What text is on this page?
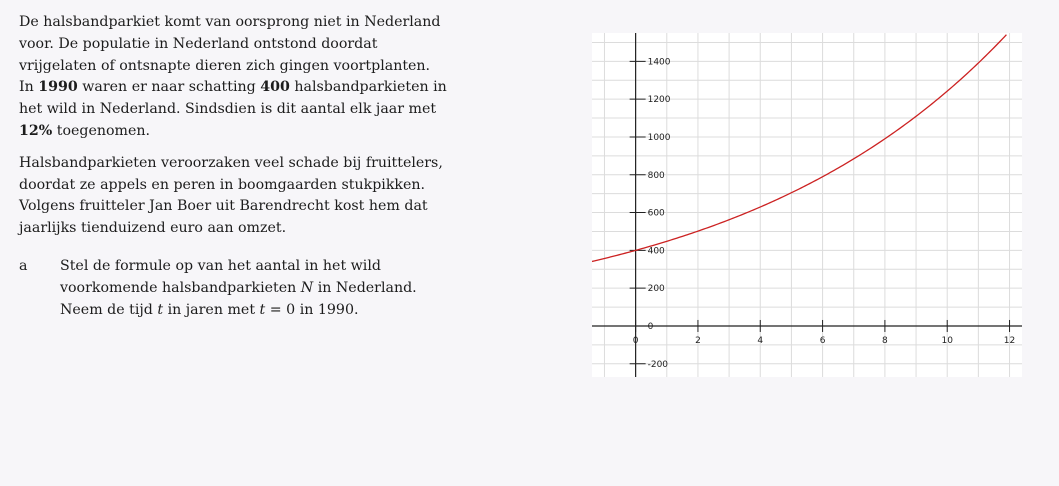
De halsbandparkiet komt van oorsprong niet in Nederland voor. De populatie in Nederland ontstond doordat vrijgelaten of ontsnapte dieren zich gingen voortplanten. In 1990 waren er naar schatting 400 halsbandparkieten in het wild in Nederland. Sindsdien is dit aantal elk jaar met 12% toegenomen.

Halsbandparkieten veroorzaken veel schade bij fruittelers, doordat ze appels en peren in boomgaarden stukpikken. Volgens fruitteler Jan Boer uit Barendrecht kost hem dat jaarlijks tienduizend euro aan omzet.

a Stel de formule op van het aantal in het wild voorkomende halsbandparkieten N in Nederland. Neem de tijd t in jaren met t = 0 in 1990.
0	2	4	6	8	10	12
-200
0
200
400
600
800
1000
1200
1400
